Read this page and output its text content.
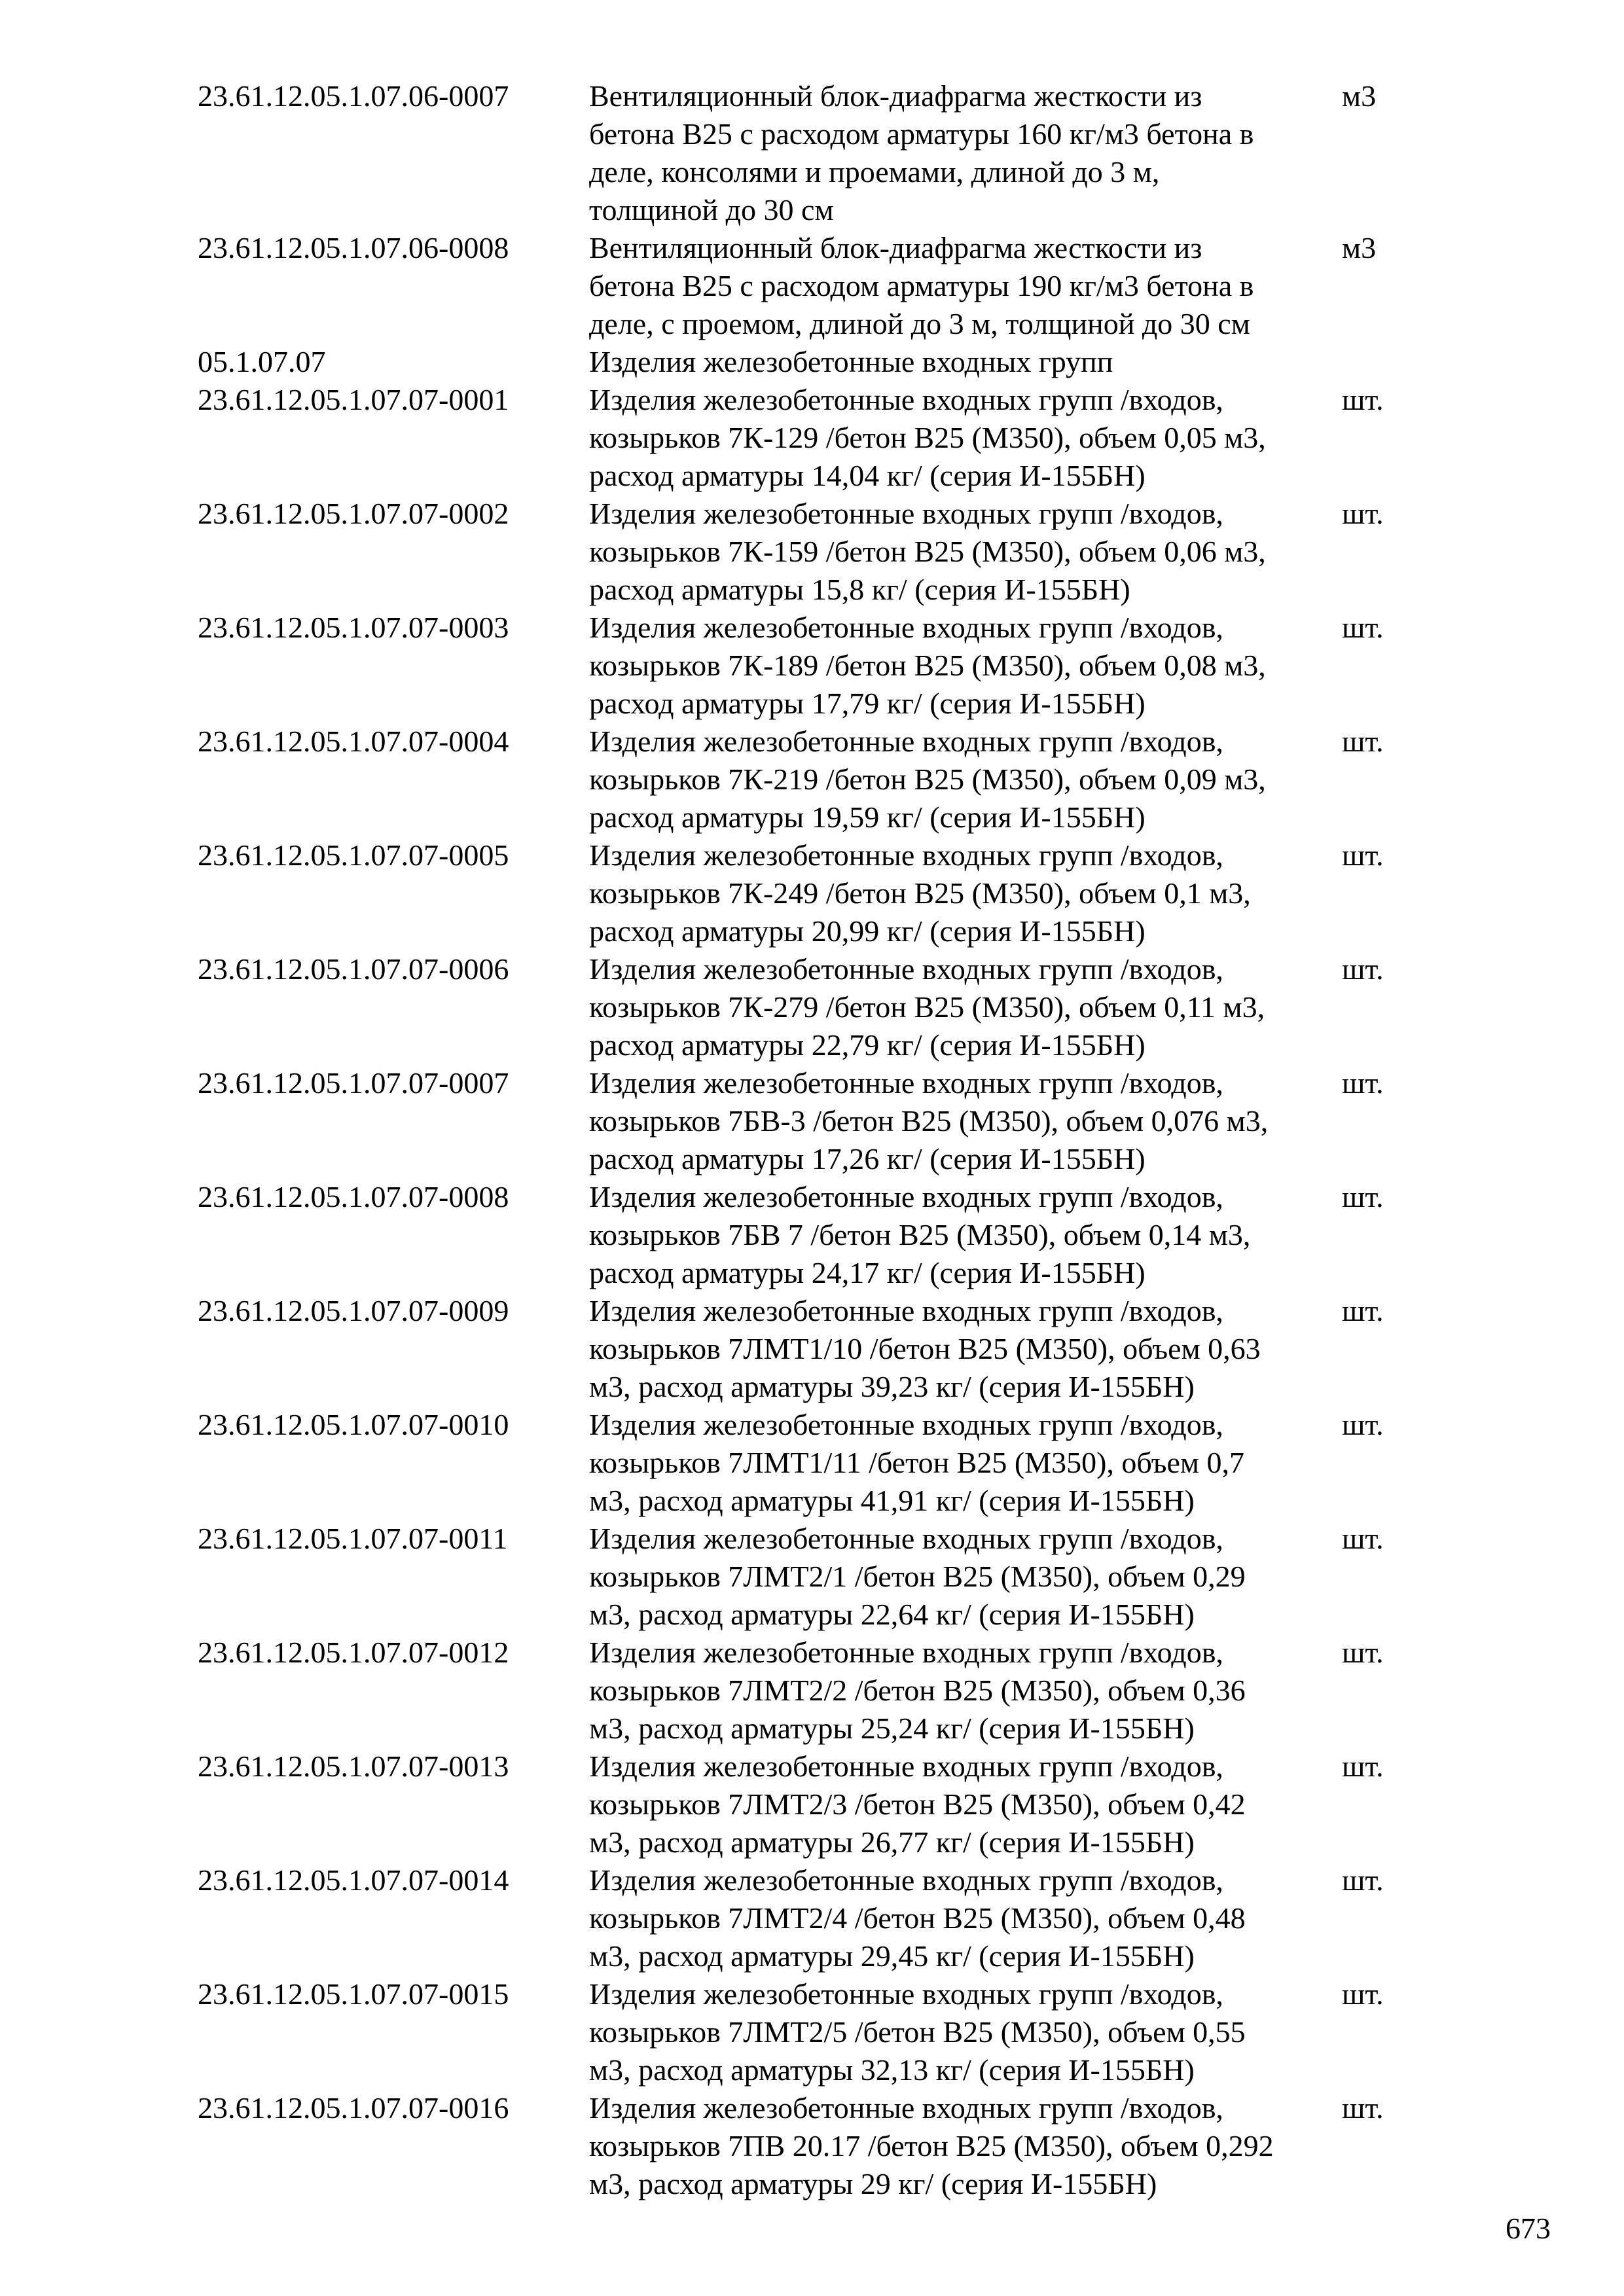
23.61.12.05.1.07.06-0007	Вентиляционный блок-диафрагма жесткости из
бетона В25 с расходом арматуры 160 кг/м3 бетона в
деле, консолями и проемами, длиной до 3 м,
толщиной до 30 см
м3
23.61.12.05.1.07.06-0008	Вентиляционный блок-диафрагма жесткости из
бетона В25 с расходом арматуры 190 кг/м3 бетона в
деле, с проемом, длиной до 3 м, толщиной до 30 см
м3
05.1.07.07	Изделия железобетонные входных групп
23.61.12.05.1.07.07-0001	Изделия железобетонные входных групп /входов,
козырьков 7К-129 /бетон В25 (М350), объем 0,05 м3,
расход арматуры 14,04 кг/ (серия И-155БН)
шт.
23.61.12.05.1.07.07-0002	Изделия железобетонные входных групп /входов,
козырьков 7К-159 /бетон В25 (М350), объем 0,06 м3,
расход арматуры 15,8 кг/ (серия И-155БН)
шт.
23.61.12.05.1.07.07-0003	Изделия железобетонные входных групп /входов,
козырьков 7К-189 /бетон В25 (М350), объем 0,08 м3,
расход арматуры 17,79 кг/ (серия И-155БН)
шт.
23.61.12.05.1.07.07-0004	Изделия железобетонные входных групп /входов,
козырьков 7К-219 /бетон В25 (М350), объем 0,09 м3,
расход арматуры 19,59 кг/ (серия И-155БН)
шт.
23.61.12.05.1.07.07-0005	Изделия железобетонные входных групп /входов,
козырьков 7К-249 /бетон В25 (М350), объем 0,1 м3,
расход арматуры 20,99 кг/ (серия И-155БН)
шт.
23.61.12.05.1.07.07-0006	Изделия железобетонные входных групп /входов,
козырьков 7К-279 /бетон В25 (М350), объем 0,11 м3,
расход арматуры 22,79 кг/ (серия И-155БН)
шт.
23.61.12.05.1.07.07-0007	Изделия железобетонные входных групп /входов,
козырьков 7БВ-3 /бетон В25 (М350), объем 0,076 м3,
расход арматуры 17,26 кг/ (серия И-155БН)
шт.
23.61.12.05.1.07.07-0008	Изделия железобетонные входных групп /входов,
козырьков 7БВ 7 /бетон В25 (М350), объем 0,14 м3,
расход арматуры 24,17 кг/ (серия И-155БН)
шт.
23.61.12.05.1.07.07-0009	Изделия железобетонные входных групп /входов,
козырьков 7ЛМТ1/10 /бетон В25 (М350), объем 0,63
м3, расход арматуры 39,23 кг/ (серия И-155БН)
шт.
23.61.12.05.1.07.07-0010	Изделия железобетонные входных групп /входов,
козырьков 7ЛМТ1/11 /бетон В25 (М350), объем 0,7
м3, расход арматуры 41,91 кг/ (серия И-155БН)
шт.
23.61.12.05.1.07.07-0011	Изделия железобетонные входных групп /входов,
козырьков 7ЛМТ2/1 /бетон В25 (М350), объем 0,29
м3, расход арматуры 22,64 кг/ (серия И-155БН)
шт.
23.61.12.05.1.07.07-0012	Изделия железобетонные входных групп /входов,
козырьков 7ЛМТ2/2 /бетон В25 (М350), объем 0,36
м3, расход арматуры 25,24 кг/ (серия И-155БН)
шт.
23.61.12.05.1.07.07-0013	Изделия железобетонные входных групп /входов,
козырьков 7ЛМТ2/3 /бетон В25 (М350), объем 0,42
м3, расход арматуры 26,77 кг/ (серия И-155БН)
шт.
23.61.12.05.1.07.07-0014	Изделия железобетонные входных групп /входов,
козырьков 7ЛМТ2/4 /бетон В25 (М350), объем 0,48
м3, расход арматуры 29,45 кг/ (серия И-155БН)
шт.
23.61.12.05.1.07.07-0015	Изделия железобетонные входных групп /входов,
козырьков 7ЛМТ2/5 /бетон В25 (М350), объем 0,55
м3, расход арматуры 32,13 кг/ (серия И-155БН)
шт.
23.61.12.05.1.07.07-0016	Изделия железобетонные входных групп /входов,
козырьков 7ПВ 20.17 /бетон В25 (М350), объем 0,292
м3, расход арматуры 29 кг/ (серия И-155БН)
шт.
673
